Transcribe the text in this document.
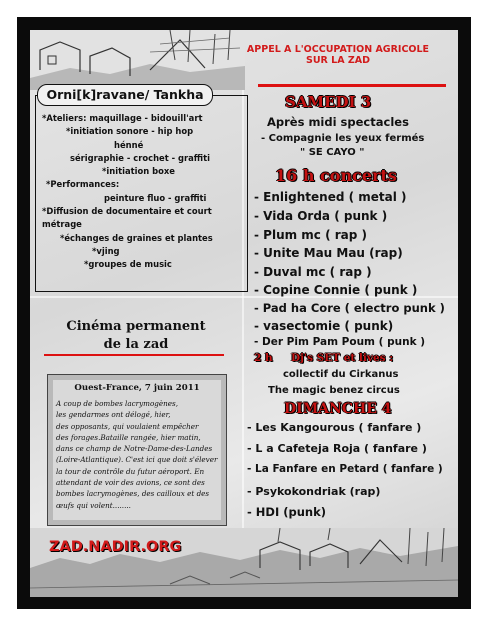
APPEL A L'OCCUPATION AGRICOLE
SUR LA ZAD
Orni[k]ravane/ Tankha
*Ateliers: maquillage - bidouill'art
*initiation sonore - hip hop
hénné
sérigraphie - crochet - graffiti
*initiation boxe
*Performances:
peinture fluo - graffiti
*Diffusion de documentaire et court
métrage
*échanges de graines et plantes
*vjing
*groupes de music
Cinéma permanent
de la zad
Ouest-France, 7 juin 2011
A coup de bombes lacrymogènes,
les gendarmes ont délogé, hier,
des opposants, qui voulaient empêcher
des forages.Bataille rangée, hier matin,
dans ce champ de Notre-Dame-des-Landes
(Loire-Atlantique). C'est ici que doit s'élever
la tour de contrôle du futur aéroport. En
attendant de voir des avions, ce sont des
bombes lacrymogènes, des cailloux et des
œufs qui volent........
ZAD.NADIR.ORG
SAMEDI 3
Après midi spectacles
- Compagnie les yeux fermés
" SE CAYO "
16 h concerts
- Enlightened ( metal )
- Vida Orda ( punk )
- Plum mc ( rap )
- Unite Mau Mau (rap)
- Duval mc ( rap )
- Copine Connie ( punk )
- Pad ha Core ( electro punk )
- vasectomie ( punk)
- Der Pim Pam Poum ( punk )
2 h Dj's SET et lives :
collectif du Cirkanus
The magic benez circus
DIMANCHE 4
- Les Kangourous ( fanfare )
- L a Cafeteja Roja ( fanfare )
- La Fanfare en Petard ( fanfare )
- Psykokondriak (rap)
- HDI (punk)
